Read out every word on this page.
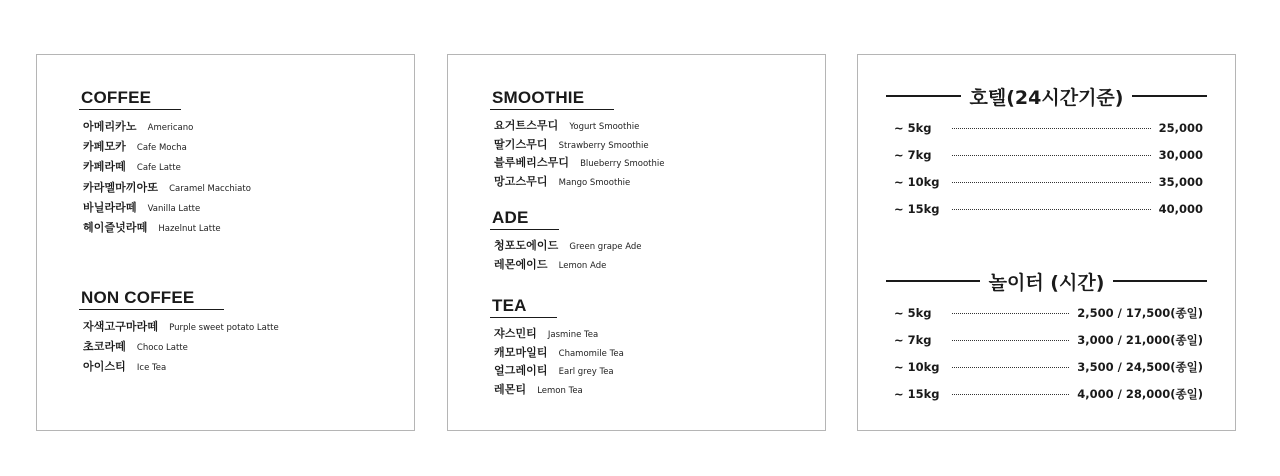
COFFEE
아메리카노 Americano
카페모카 Cafe Mocha
카페라떼 Cafe Latte
카라멜마끼아또 Caramel Macchiato
바닐라라떼 Vanilla Latte
헤이즐넛라떼 Hazelnut Latte
NON COFFEE
자색고구마라떼 Purple sweet potato Latte
초코라떼 Choco Latte
아이스티 Ice Tea
SMOOTHIE
요거트스무디 Yogurt Smoothie
딸기스무디 Strawberry Smoothie
블루베리스무디 Blueberry Smoothie
망고스무디 Mango Smoothie
ADE
청포도에이드 Green grape Ade
레몬에이드 Lemon Ade
TEA
쟈스민티 Jasmine Tea
캐모마일티 Chamomile Tea
얼그레이티 Earl grey Tea
레몬티 Lemon Tea
호텔(24시간기준)
~ 5kg	25,000
~ 7kg	30,000
~ 10kg	35,000
~ 15kg	40,000
놀이터 (시간)
~ 5kg	2,500 / 17,500(종일)
~ 7kg	3,000 / 21,000(종일)
~ 10kg	3,500 / 24,500(종일)
~ 15kg	4,000 / 28,000(종일)
